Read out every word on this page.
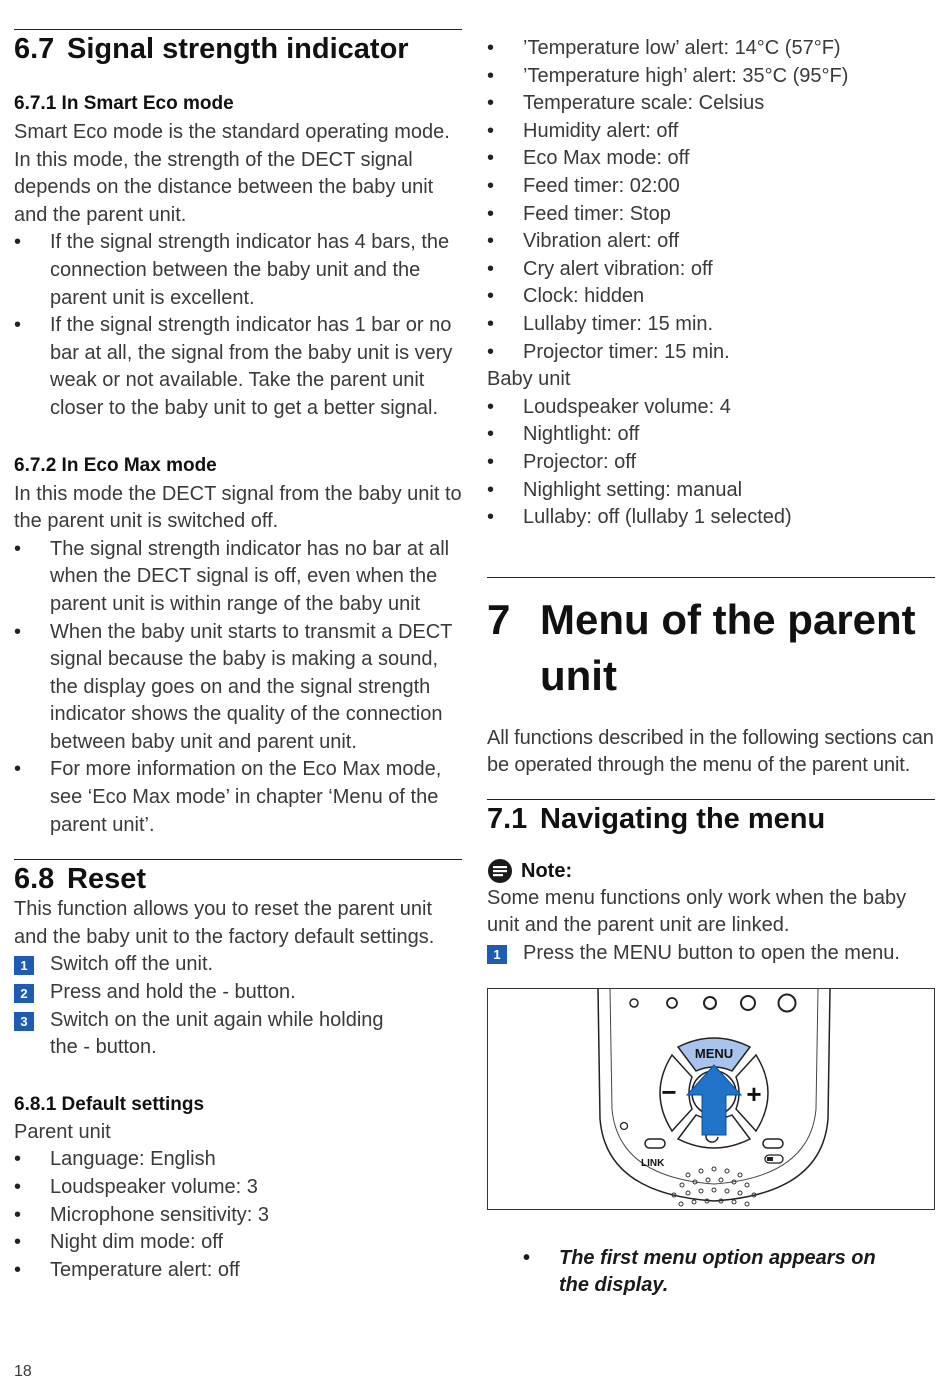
6.7 Signal strength indicator
6.7.1 In Smart Eco mode
Smart Eco mode is the standard operating mode. In this mode, the strength of the DECT signal depends on the distance between the baby unit and the parent unit.
• If the signal strength indicator has 4 bars, the connection between the baby unit and the parent unit is excellent.
• If the signal strength indicator has 1 bar or no bar at all, the signal from the baby unit is very weak or not available. Take the parent unit closer to the baby unit to get a better signal.
6.7.2 In Eco Max mode
In this mode the DECT signal from the baby unit to the parent unit is switched off.
• The signal strength indicator has no bar at all when the DECT signal is off, even when the parent unit is within range of the baby unit
• When the baby unit starts to transmit a DECT signal because the baby is making a sound, the display goes on and the signal strength indicator shows the quality of the connection between baby unit and parent unit.
• For more information on the Eco Max mode, see ‘Eco Max mode’ in chapter ‘Menu of the parent unit’.
6.8 Reset
This function allows you to reset the parent unit and the baby unit to the factory default settings.
1	Switch off the unit.
2	Press and hold the - button.
3	Switch on the unit again while holding the - button.
6.8.1 Default settings
Parent unit
• Language: English
• Loudspeaker volume: 3
• Microphone sensitivity: 3
• Night dim mode: off
• Temperature alert: off
• ’Temperature low’ alert: 14°C (57°F)
• ’Temperature high’ alert: 35°C (95°F)
• Temperature scale: Celsius
• Humidity alert: off
• Eco Max mode: off
• Feed timer: 02:00
• Feed timer: Stop
• Vibration alert: off
• Cry alert vibration: off
• Clock: hidden
• Lullaby timer: 15 min.
• Projector timer: 15 min.
Baby unit
• Loudspeaker volume: 4
• Nightlight: off
• Projector: off
• Nighlight setting: manual
• Lullaby: off (lullaby 1 selected)
7 Menu of the parent
unit
All functions described in the following sections can be operated through the menu of the parent unit.
7.1 Navigating the menu
Note:
Some menu functions only work when the baby unit and the parent unit are linked.
1	Press the MENU button to open the menu.
MENU
−	+
LINK
• The first menu option appears on the display.
18
